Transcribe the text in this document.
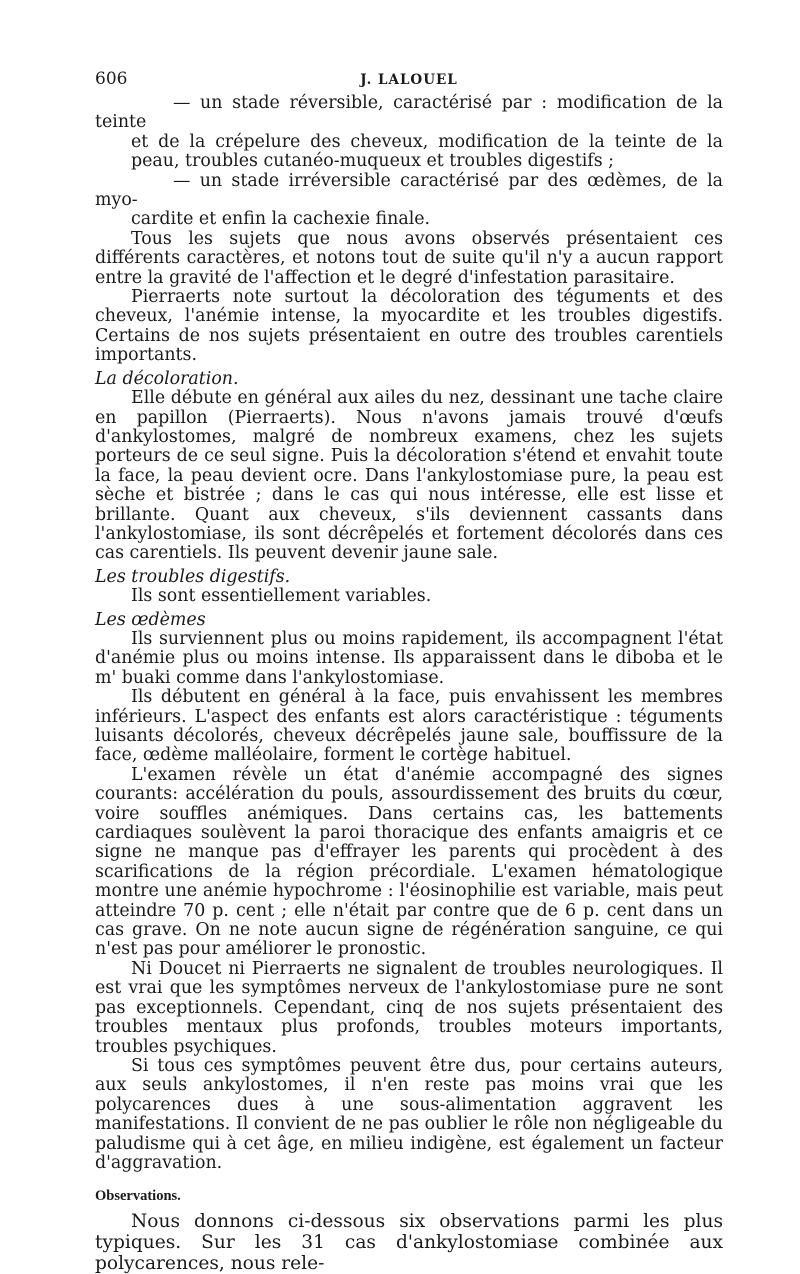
606	J. LALOUEL

— un stade réversible, caractérisé par : modification de la teinte

et de la crépelure des cheveux, modification de la teinte de la peau, troubles cutanéo-muqueux et troubles digestifs ;

— un stade irréversible caractérisé par des œdèmes, de la myo-

cardite et enfin la cachexie finale.

Tous les sujets que nous avons observés présentaient ces différents caractères, et notons tout de suite qu'il n'y a aucun rapport entre la gravité de l'affection et le degré d'infestation parasitaire.

Pierraerts note surtout la décoloration des téguments et des cheveux, l'anémie intense, la myocardite et les troubles digestifs. Certains de nos sujets présentaient en outre des troubles carentiels importants.

La décoloration.

Elle débute en général aux ailes du nez, dessinant une tache claire en papillon (Pierraerts). Nous n'avons jamais trouvé d'œufs d'ankylostomes, malgré de nombreux examens, chez les sujets porteurs de ce seul signe. Puis la décoloration s'étend et envahit toute la face, la peau devient ocre. Dans l'ankylostomiase pure, la peau est sèche et bistrée ; dans le cas qui nous intéresse, elle est lisse et brillante. Quant aux cheveux, s'ils deviennent cassants dans l'ankylostomiase, ils sont décrêpelés et fortement décolorés dans ces cas carentiels. Ils peuvent devenir jaune sale.

Les troubles digestifs.

Ils sont essentiellement variables.

Les œdèmes

Ils surviennent plus ou moins rapidement, ils accompagnent l'état d'anémie plus ou moins intense. Ils apparaissent dans le diboba et le m' buaki comme dans l'ankylostomiase.

Ils débutent en général à la face, puis envahissent les membres inférieurs. L'aspect des enfants est alors caractéristique : téguments luisants décolorés, cheveux décrêpelés jaune sale, bouffissure de la face, œdème malléolaire, forment le cortège habituel.

L'examen révèle un état d'anémie accompagné des signes courants: accélération du pouls, assourdissement des bruits du cœur, voire souffles anémiques. Dans certains cas, les battements cardiaques soulèvent la paroi thoracique des enfants amaigris et ce signe ne manque pas d'effrayer les parents qui procèdent à des scarifications de la région précordiale. L'examen hématologique montre une anémie hypochrome : l'éosinophilie est variable, mais peut atteindre 70 p. cent ; elle n'était par contre que de 6 p. cent dans un cas grave. On ne note aucun signe de régénération sanguine, ce qui n'est pas pour améliorer le pronostic.

Ni Doucet ni Pierraerts ne signalent de troubles neurologiques. Il est vrai que les symptômes nerveux de l'ankylostomiase pure ne sont pas exceptionnels. Cependant, cinq de nos sujets présentaient des troubles mentaux plus profonds, troubles moteurs importants, troubles psychiques.

Si tous ces symptômes peuvent être dus, pour certains auteurs, aux seuls ankylostomes, il n'en reste pas moins vrai que les polycarences dues à une sous-alimentation aggravent les manifestations. Il convient de ne pas oublier le rôle non négligeable du paludisme qui à cet âge, en milieu indigène, est également un facteur d'aggravation.

Observations.

Nous donnons ci-dessous six observations parmi les plus typiques. Sur les 31 cas d'ankylostomiase combinée aux polycarences, nous rele-
